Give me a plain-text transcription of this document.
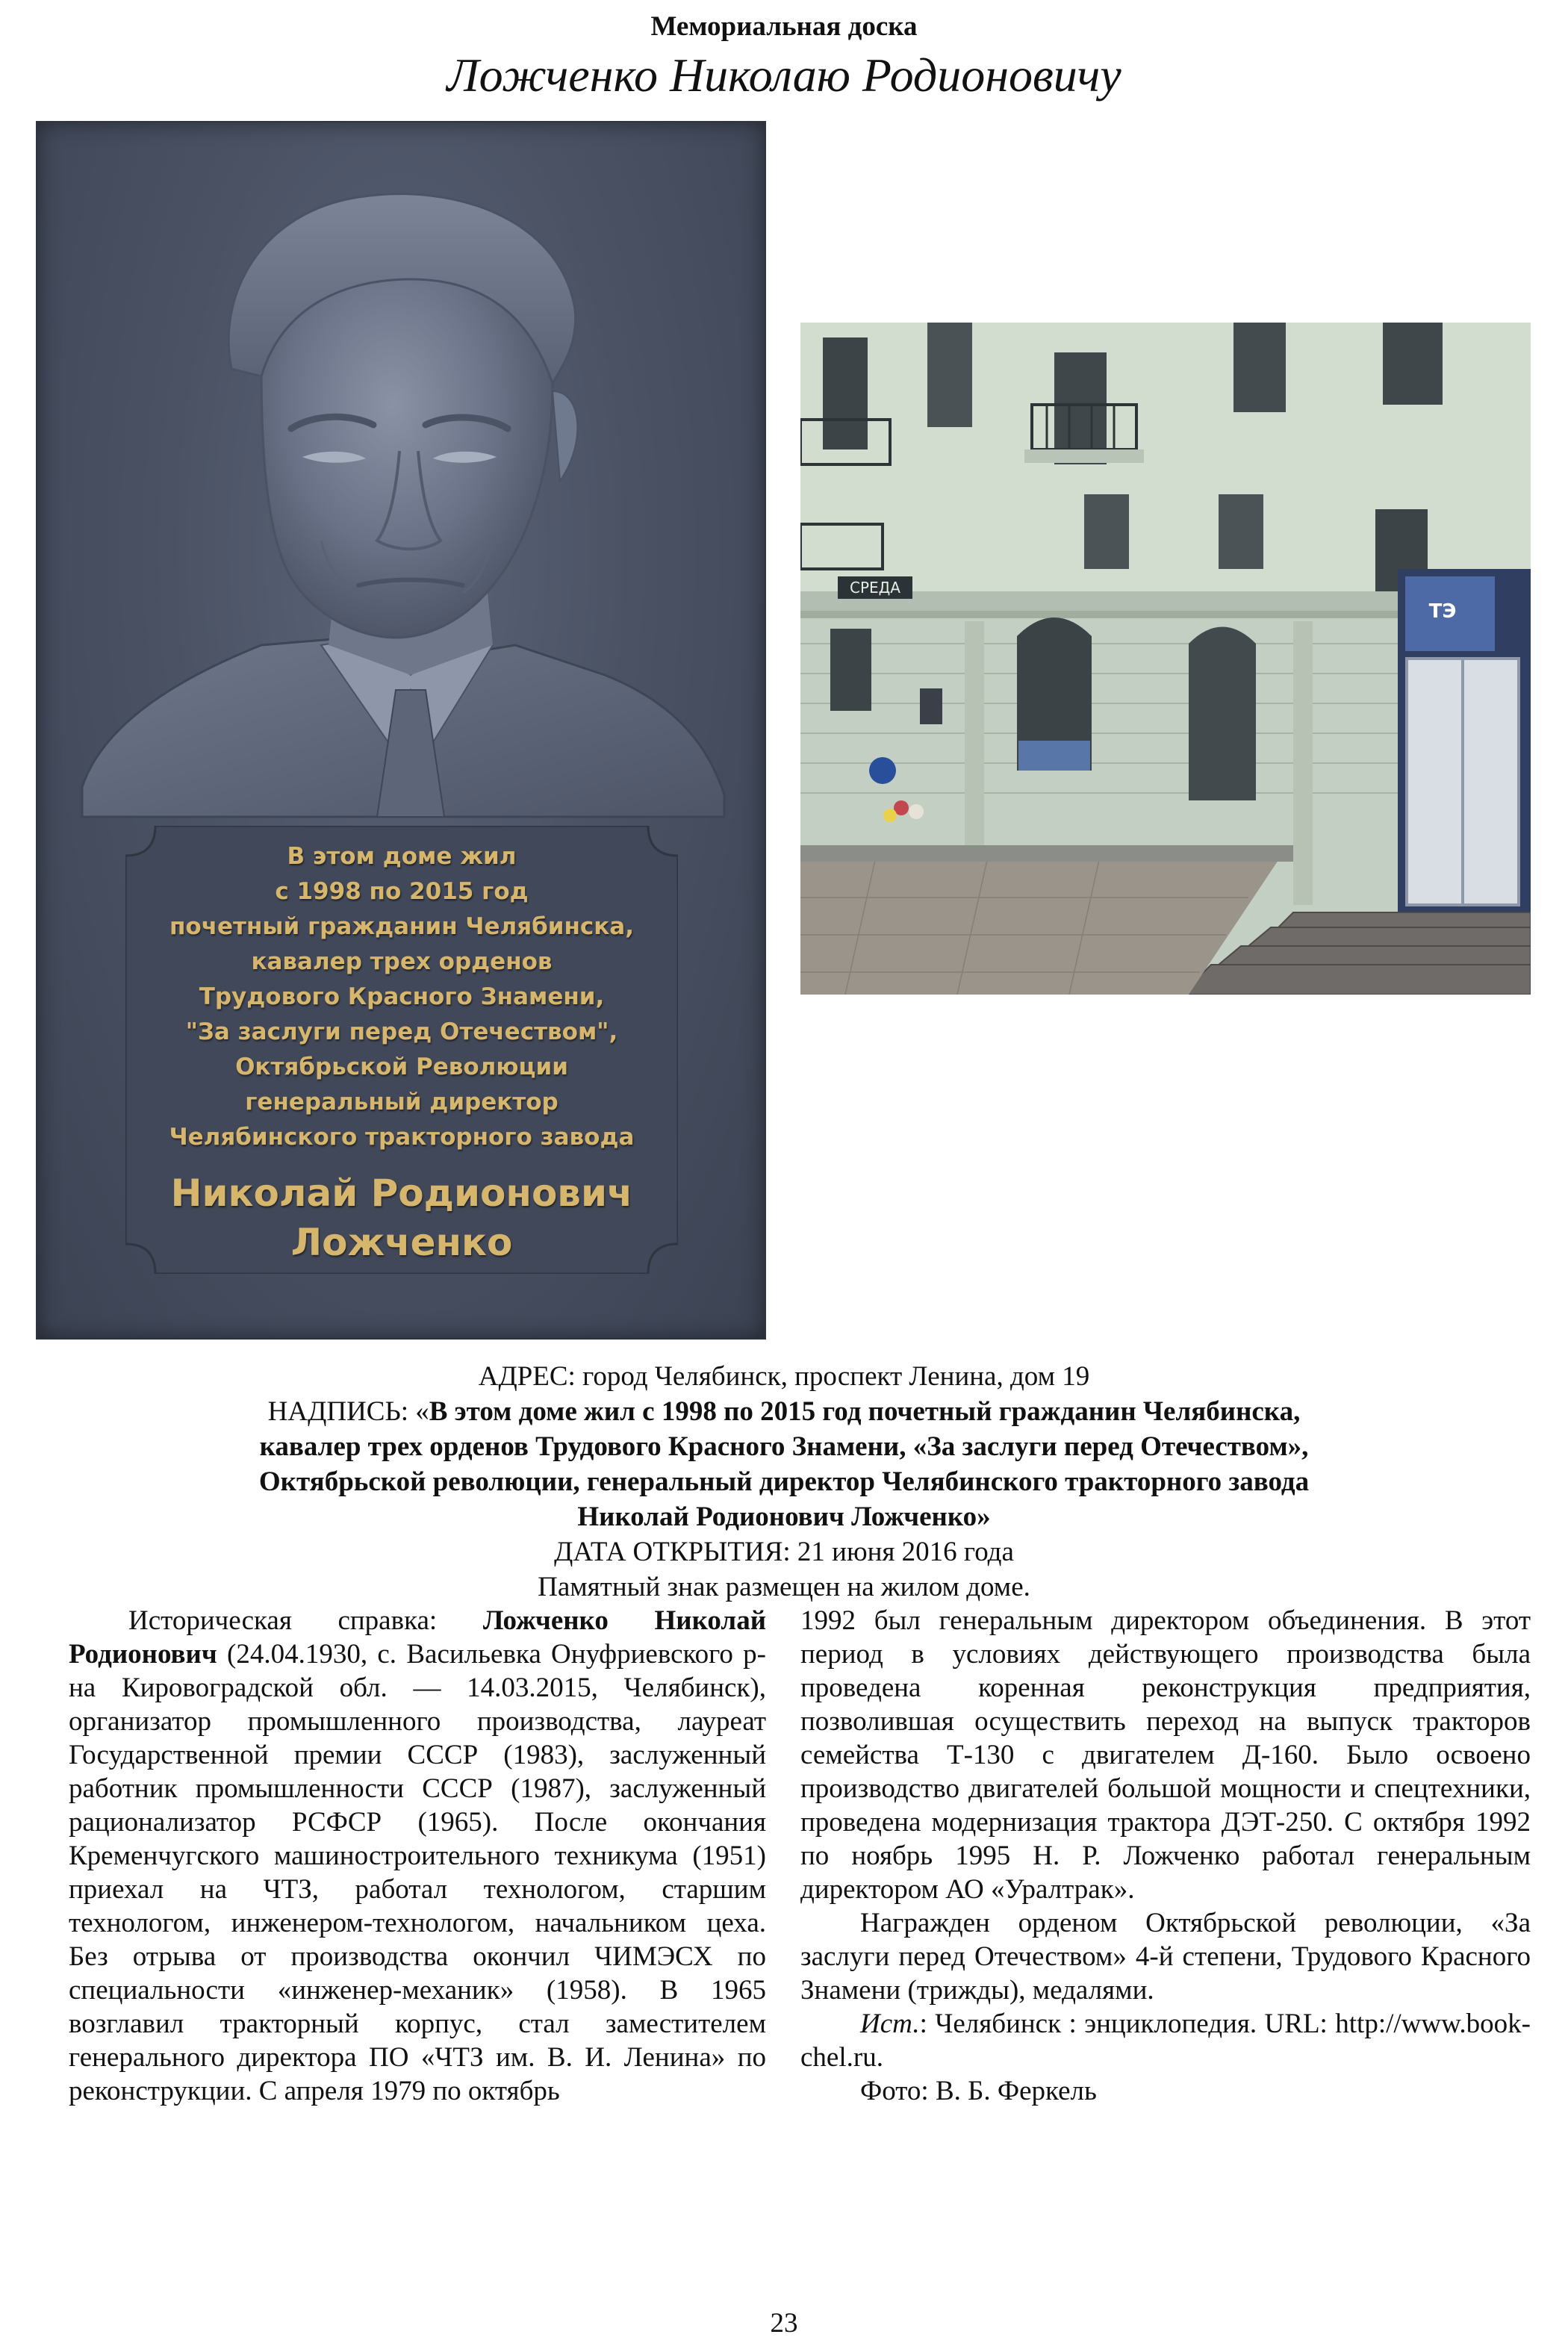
Мемориальная доска
Ложченко Николаю Родионовичу
В этом доме жил
с 1998 по 2015 год
почетный гражданин Челябинска,
кавалер трех орденов
Трудового Красного Знамени,
"За заслуги перед Отечеством",
Октябрьской Революции
генеральный директор
Челябинского тракторного завода
Николай Родионович
Ложченко
СРЕДА
ТЭ
АДРЕС: город Челябинск, проспект Ленина, дом 19
НАДПИСЬ: «В этом доме жил с 1998 по 2015 год почетный гражданин Челябинска,
кавалер трех орденов Трудового Красного Знамени, «За заслуги перед Отечеством»,
Октябрьской революции, генеральный директор Челябинского тракторного завода
Николай Родионович Ложченко»
ДАТА ОТКРЫТИЯ: 21 июня 2016 года
Памятный знак размещен на жилом доме.

Историческая справка: Ложченко Николай Родионович (24.04.1930, с. Васильевка Онуфриевского р-на Кировоградской обл. — 14.03.2015, Челябинск), организатор промышленного производства, лауреат Государственной премии СССР (1983), заслуженный работник промышленности СССР (1987), заслуженный рационализатор РСФСР (1965). После окончания Кременчугского машиностроительного техникума (1951) приехал на ЧТЗ, работал технологом, старшим технологом, инженером-технологом, начальником цеха. Без отрыва от производства окончил ЧИМЭСХ по специальности «инженер-механик» (1958). В 1965 возглавил тракторный корпус, стал заместителем генерального директора ПО «ЧТЗ им. В. И. Ленина» по реконструкции. С апреля 1979 по октябрь

1992 был генеральным директором объединения. В этот период в условиях действующего производства была проведена коренная реконструкция предприятия, позволившая осуществить переход на выпуск тракторов семейства Т-130 с двигателем Д-160. Было освоено производство двигателей большой мощности и спецтехники, проведена модернизация трактора ДЭТ-250. С октября 1992 по ноябрь 1995 Н. Р. Ложченко работал генеральным директором АО «Уралтрак».

Награжден орденом Октябрьской революции, «За заслуги перед Отечеством» 4-й степени, Трудового Красного Знамени (трижды), медалями.

Ист.: Челябинск : энциклопедия. URL: http://www.book-chel.ru.

Фото: В. Б. Феркель

23
